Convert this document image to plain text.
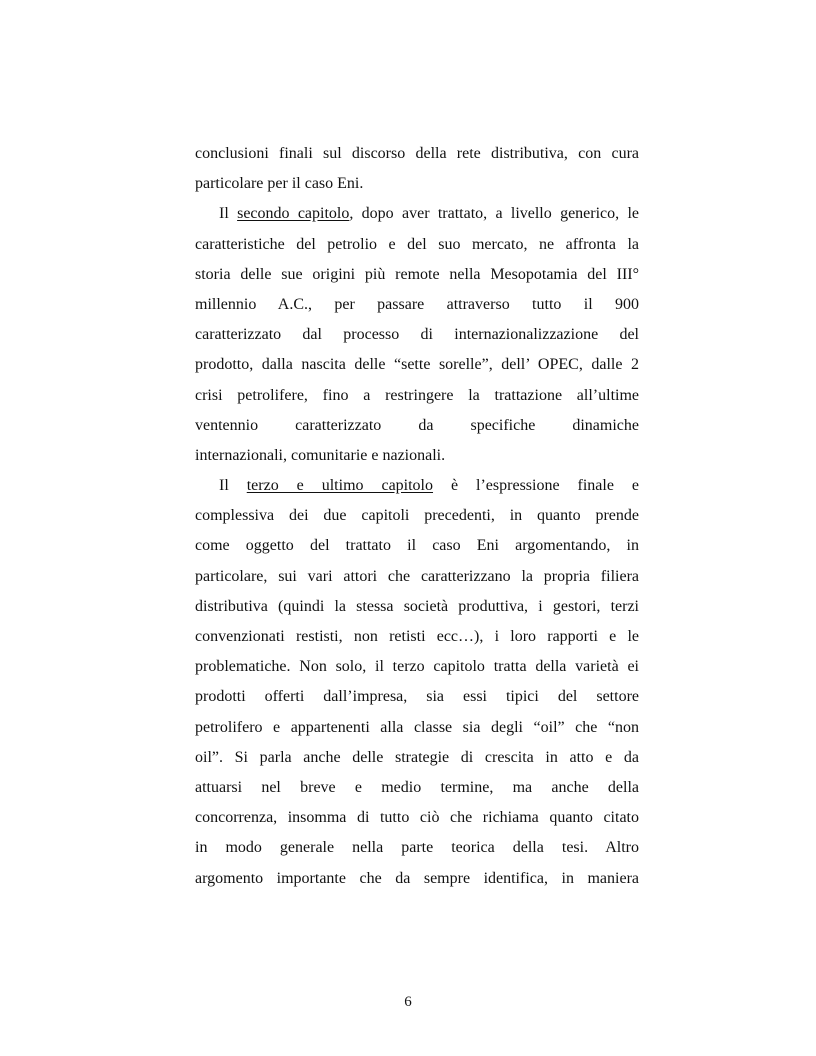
conclusioni finali sul discorso della rete distributiva, con cura
particolare per il caso Eni.
Il secondo capitolo, dopo aver trattato, a livello generico, le
caratteristiche del petrolio e del suo mercato, ne affronta la
storia delle sue origini più remote nella Mesopotamia del III°
millennio A.C., per passare attraverso tutto il 900
caratterizzato dal processo di internazionalizzazione del
prodotto, dalla nascita delle “sette sorelle”, dell’ OPEC, dalle 2
crisi petrolifere, fino a restringere la trattazione all’ultime
ventennio caratterizzato da specifiche dinamiche
internazionali, comunitarie e nazionali.
Il terzo e ultimo capitolo è l’espressione finale e
complessiva dei due capitoli precedenti, in quanto prende
come oggetto del trattato il caso Eni argomentando, in
particolare, sui vari attori che caratterizzano la propria filiera
distributiva (quindi la stessa società produttiva, i gestori, terzi
convenzionati restisti, non retisti ecc…), i loro rapporti e le
problematiche. Non solo, il terzo capitolo tratta della varietà ei
prodotti offerti dall’impresa, sia essi tipici del settore
petrolifero e appartenenti alla classe sia degli “oil” che “non
oil”. Si parla anche delle strategie di crescita in atto e da
attuarsi nel breve e medio termine, ma anche della
concorrenza, insomma di tutto ciò che richiama quanto citato
in modo generale nella parte teorica della tesi. Altro
argomento importante che da sempre identifica, in maniera
6
